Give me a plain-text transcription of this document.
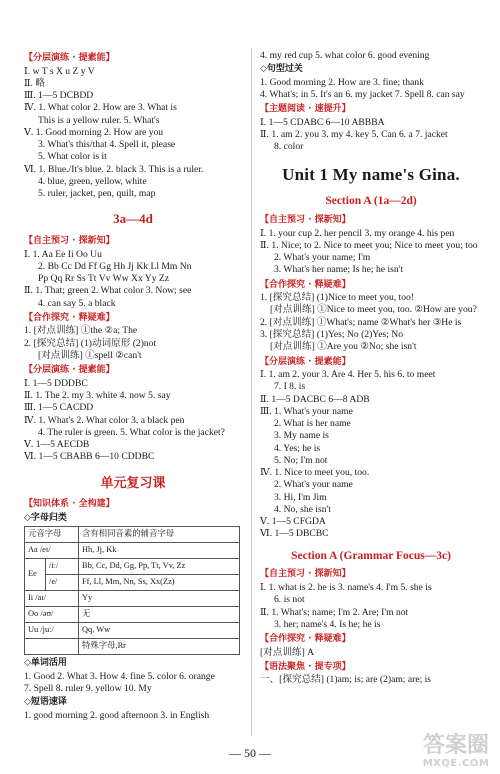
【分层演练 · 提素能】
Ⅰ. w T s X u Z y V
Ⅱ. 略
Ⅲ. 1—5 DCBDD
Ⅳ. 1. What color 2. How are 3. What is
This is a yellow ruler. 5. What's
Ⅴ. 1. Good morning 2. How are you
3. What's this/that 4. Spell it, please
5. What color is it
Ⅵ. 1. Blue./It's blue. 2. black 3. This is a ruler.
4. blue, green, yellow, white
5. ruler, jacket, pen, quilt, map
3a—4d
【自主预习 · 探新知】
Ⅰ. 1. Aa Ee Ii Oo Uu
2. Bb Cc Dd Ff Gg Hh Jj Kk Ll Mm Nn
Pp Qq Rr Ss Tt Vv Ww Xx Yy Zz
Ⅱ. 1. That; green 2. What color 3. Now; see
4. can say 5. a black
【合作探究 · 释疑难】
1. [对点训练] ①the ②a; The
2. [探究总结] (1)动词原形 (2)not
[对点训练] ①spell ②can't
【分层演练 · 提素能】
Ⅰ. 1—5 DDDBC
Ⅱ. 1. The 2. my 3. white 4. now 5. say
Ⅲ. 1—5 CACDD
Ⅳ. 1. What's 2. What color 3. a black pen
4. The ruler is green. 5. What color is the jacket?
Ⅴ. 1—5 AECDB
Ⅵ. 1—5 CBABB 6—10 CDDBC
单元复习课
【知识体系 · 全构建】
◇字母归类
元音字母		含有相同音素的辅音字母
Aa /eɪ/		Hh, Jj, Kk
Ee	/iː/	Bb, Cc, Dd, Gg, Pp, Tt, Vv, Zz
	/e/	Ff, Ll, Mm, Nn, Ss, Xx(Zz)
Ii /aɪ/		Yy
Oo /əʊ/		无
Uu /juː/		Qq, Ww
		特殊字母,Rr
◇单词活用
1. Good 2. What 3. How 4. fine 5. color 6. orange
7. Spell 8. ruler 9. yellow 10. My
◇短语速译
1. good morning 2. good afternoon 3. in English
4. my red cup 5. what color 6. good evening
◇句型过关
1. Good morning 2. How are 3. fine; thank
4. What's; in 5. It's an 6. my jacket 7. Spell 8. can say
【主题阅读 · 速提升】
Ⅰ. 1—5 CDABC 6—10 ABBBA
Ⅱ. 1. am 2. you 3. my 4. key 5. Can 6. a 7. jacket
8. color
Unit 1 My name's Gina.
Section A (1a—2d)
【自主预习 · 探新知】
Ⅰ. 1. your cup 2. her pencil 3. my orange 4. his pen
Ⅱ. 1. Nice; to 2. Nice to meet you; Nice to meet you; too
2. What's your name; I'm
3. What's her name; Is he; he isn't
【合作探究 · 释疑难】
1. [探究总结] (1)Nice to meet you, too!
[对点训练] ①Nice to meet you, too. ②How are you?
2. [对点训练] ①What's; name ②What's her ③He is
3. [探究总结] (1)Yes; No (2)Yes; No
[对点训练] ①Are you ②No; she isn't
【分层演练 · 提素能】
Ⅰ. 1. am 2. your 3. Are 4. Her 5. his 6. to meet
7. I 8. is
Ⅱ. 1—5 DACBC 6—8 ADB
Ⅲ. 1. What's your name
2. What is her name
3. My name is
4. Yes; he is
5. No; I'm not
Ⅳ. 1. Nice to meet you, too.
2. What's your name
3. Hi, I'm Jim
4. No, she isn't
Ⅴ. 1—5 CFGDA
Ⅵ. 1—5 DBCBC
Section A (Grammar Focus—3c)
【自主预习 · 探新知】
Ⅰ. 1. what is 2. he is 3. name's 4. I'm 5. she is
6. is not
Ⅱ. 1. What's; name; I'm 2. Are; I'm not
3. her; name's 4. Is he; he is
【合作探究 · 释疑难】
[对点训练] A
【语法聚焦 · 提专项】
一、[探究总结] (1)am; is; are (2)am; are; is
— 50 —	答案圈
MXQE.COM
